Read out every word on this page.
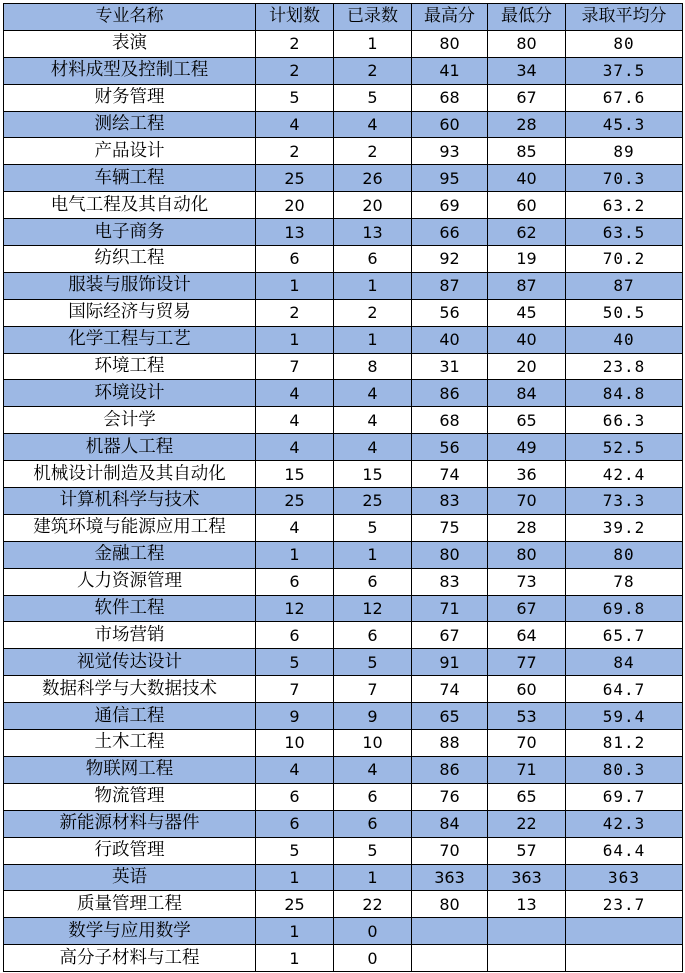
专业名称	计划数	已录数	最高分	最低分	录取平均分
表演	2	1	80	80	80
材料成型及控制工程	2	2	41	34	37.5
财务管理	5	5	68	67	67.6
测绘工程	4	4	60	28	45.3
产品设计	2	2	93	85	89
车辆工程	25	26	95	40	70.3
电气工程及其自动化	20	20	69	60	63.2
电子商务	13	13	66	62	63.5
纺织工程	6	6	92	19	70.2
服装与服饰设计	1	1	87	87	87
国际经济与贸易	2	2	56	45	50.5
化学工程与工艺	1	1	40	40	40
环境工程	7	8	31	20	23.8
环境设计	4	4	86	84	84.8
会计学	4	4	68	65	66.3
机器人工程	4	4	56	49	52.5
机械设计制造及其自动化	15	15	74	36	42.4
计算机科学与技术	25	25	83	70	73.3
建筑环境与能源应用工程	4	5	75	28	39.2
金融工程	1	1	80	80	80
人力资源管理	6	6	83	73	78
软件工程	12	12	71	67	69.8
市场营销	6	6	67	64	65.7
视觉传达设计	5	5	91	77	84
数据科学与大数据技术	7	7	74	60	64.7
通信工程	9	9	65	53	59.4
土木工程	10	10	88	70	81.2
物联网工程	4	4	86	71	80.3
物流管理	6	6	76	65	69.7
新能源材料与器件	6	6	84	22	42.3
行政管理	5	5	70	57	64.4
英语	1	1	363	363	363
质量管理工程	25	22	80	13	23.7
数学与应用数学	1	0			
高分子材料与工程	1	0			
